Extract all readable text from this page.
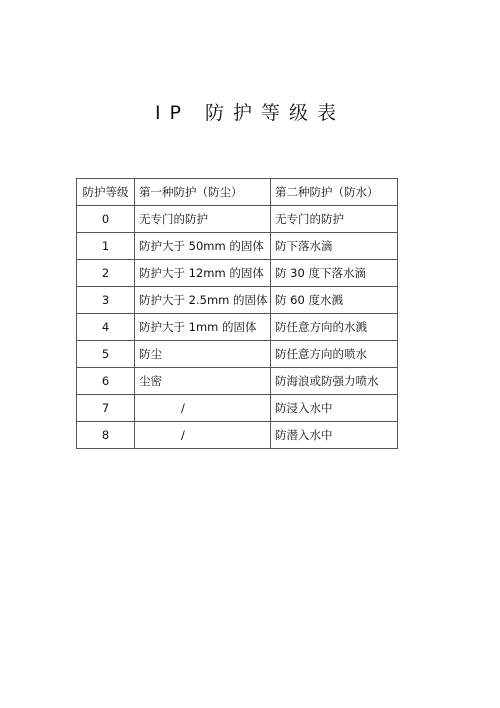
IP 防护等级表
防护等级	第一种防护（防尘）	第二种防护（防水）
0	无专门的防护	无专门的防护
1	防护大于 50mm 的固体	防下落水滴
2	防护大于 12mm 的固体	防 30 度下落水滴
3	防护大于 2.5mm 的固体	防 60 度水溅
4	防护大于 1mm 的固体	防任意方向的水溅
5	防尘	防任意方向的喷水
6	尘密	防海浪或防强力喷水
7	/	防浸入水中
8	/	防潜入水中
